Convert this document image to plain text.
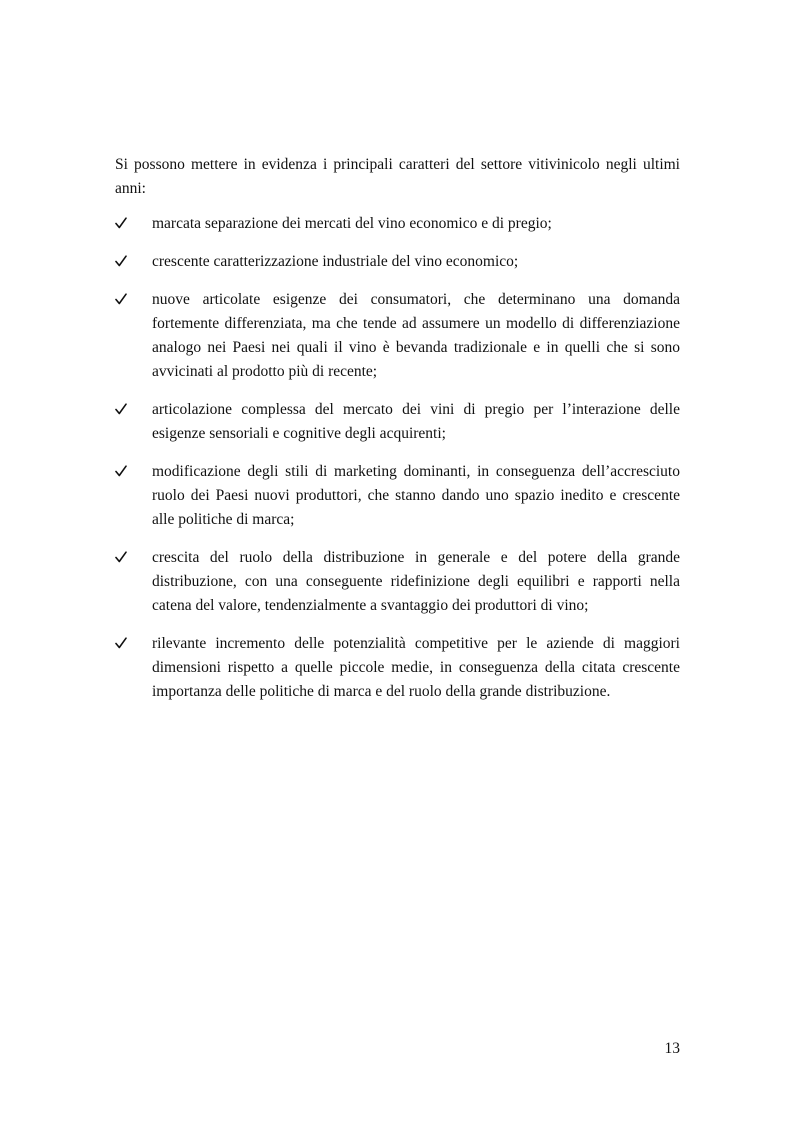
Si possono mettere in evidenza i principali caratteri del settore vitivinicolo negli ultimi anni:

marcata separazione dei mercati del vino economico e di pregio;
crescente caratterizzazione industriale del vino economico;
nuove articolate esigenze dei consumatori, che determinano una domanda fortemente differenziata, ma che tende ad assumere un modello di differenziazione analogo nei Paesi nei quali il vino è bevanda tradizionale e in quelli che si sono avvicinati al prodotto più di recente;
articolazione complessa del mercato dei vini di pregio per l’interazione delle esigenze sensoriali e cognitive degli acquirenti;
modificazione degli stili di marketing dominanti, in conseguenza dell’accresciuto ruolo dei Paesi nuovi produttori, che stanno dando uno spazio inedito e crescente alle politiche di marca;
crescita del ruolo della distribuzione in generale e del potere della grande distribuzione, con una conseguente ridefinizione degli equilibri e rapporti nella catena del valore, tendenzialmente a svantaggio dei produttori di vino;
rilevante incremento delle potenzialità competitive per le aziende di maggiori dimensioni rispetto a quelle piccole medie, in conseguenza della citata crescente importanza delle politiche di marca e del ruolo della grande distribuzione.
13
